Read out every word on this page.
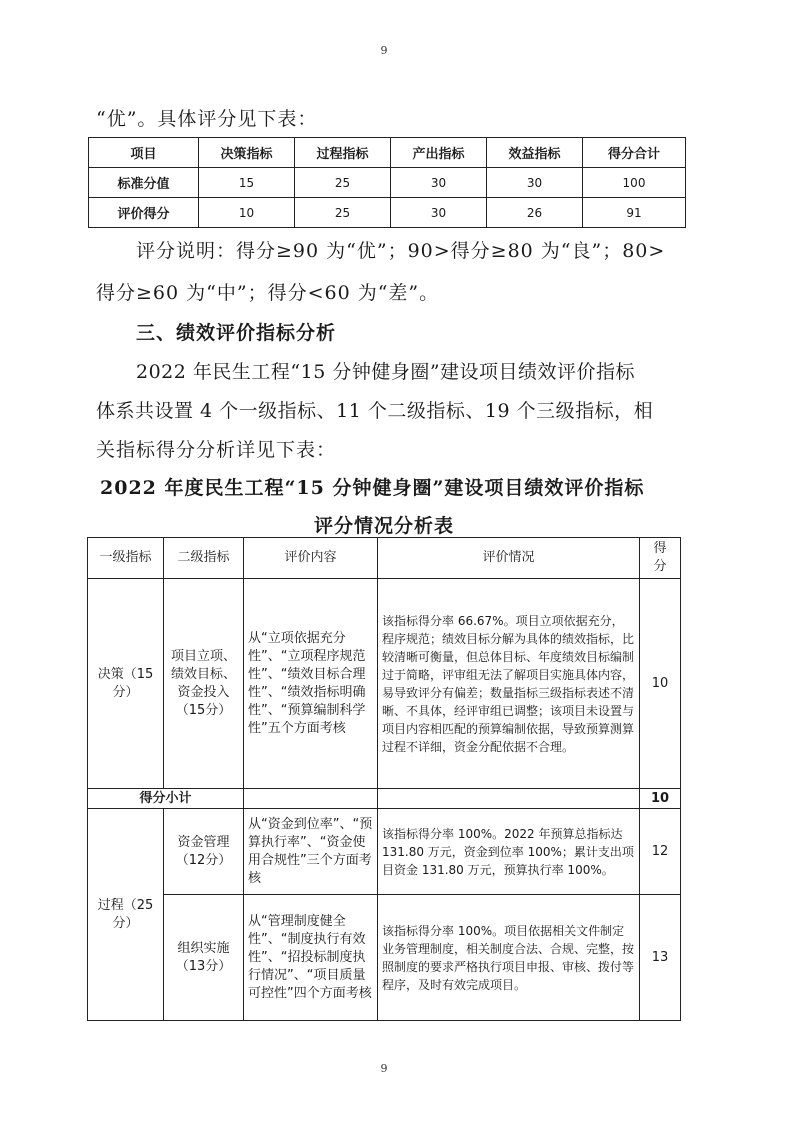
9
“优”。具体评分见下表：
项目	决策指标	过程指标	产出指标	效益指标	得分合计
标准分值	15	25	30	30	100
评价得分	10	25	30	26	91
评分说明：得分≥90 为“优”；90>得分≥80 为“良”；80>
得分≥60 为“中”；得分<60 为“差”。
三、绩效评价指标分析
2022 年民生工程“15 分钟健身圈”建设项目绩效评价指标
体系共设置 4 个一级指标、11 个二级指标、19 个三级指标，相
关指标得分分析详见下表：
2022 年度民生工程“15 分钟健身圈”建设项目绩效评价指标
评分情况分析表
一级指标	二级指标	评价内容	评价情况	得分
决策（15分）	项目立项、绩效目标、资金投入（15分）	从“立项依据充分性”、“立项程序规范性”、“绩效目标合理性”、“绩效指标明确性”、“预算编制科学性”五个方面考核	该指标得分率 66.67%。项目立项依据充分，程序规范；绩效目标分解为具体的绩效指标，比较清晰可衡量，但总体目标、年度绩效目标编制过于简略，评审组无法了解项目实施具体内容，易导致评分有偏差；数量指标三级指标表述不清晰、不具体，经评审组已调整；该项目未设置与项目内容相匹配的预算编制依据，导致预算测算过程不详细，资金分配依据不合理。	10
得分小计				10
过程（25分）	资金管理（12分）	从“资金到位率”、“预算执行率”、“资金使用合规性”三个方面考核	该指标得分率 100%。2022 年预算总指标达 131.80 万元，资金到位率 100%；累计支出项目资金 131.80 万元，预算执行率 100%。	12
	组织实施（13分）	从“管理制度健全性”、“制度执行有效性”、“招投标制度执行情况”、“项目质量可控性”四个方面考核	该指标得分率 100%。项目依据相关文件制定业务管理制度，相关制度合法、合规、完整，按照制度的要求严格执行项目申报、审核、拨付等程序，及时有效完成项目。	13
9
